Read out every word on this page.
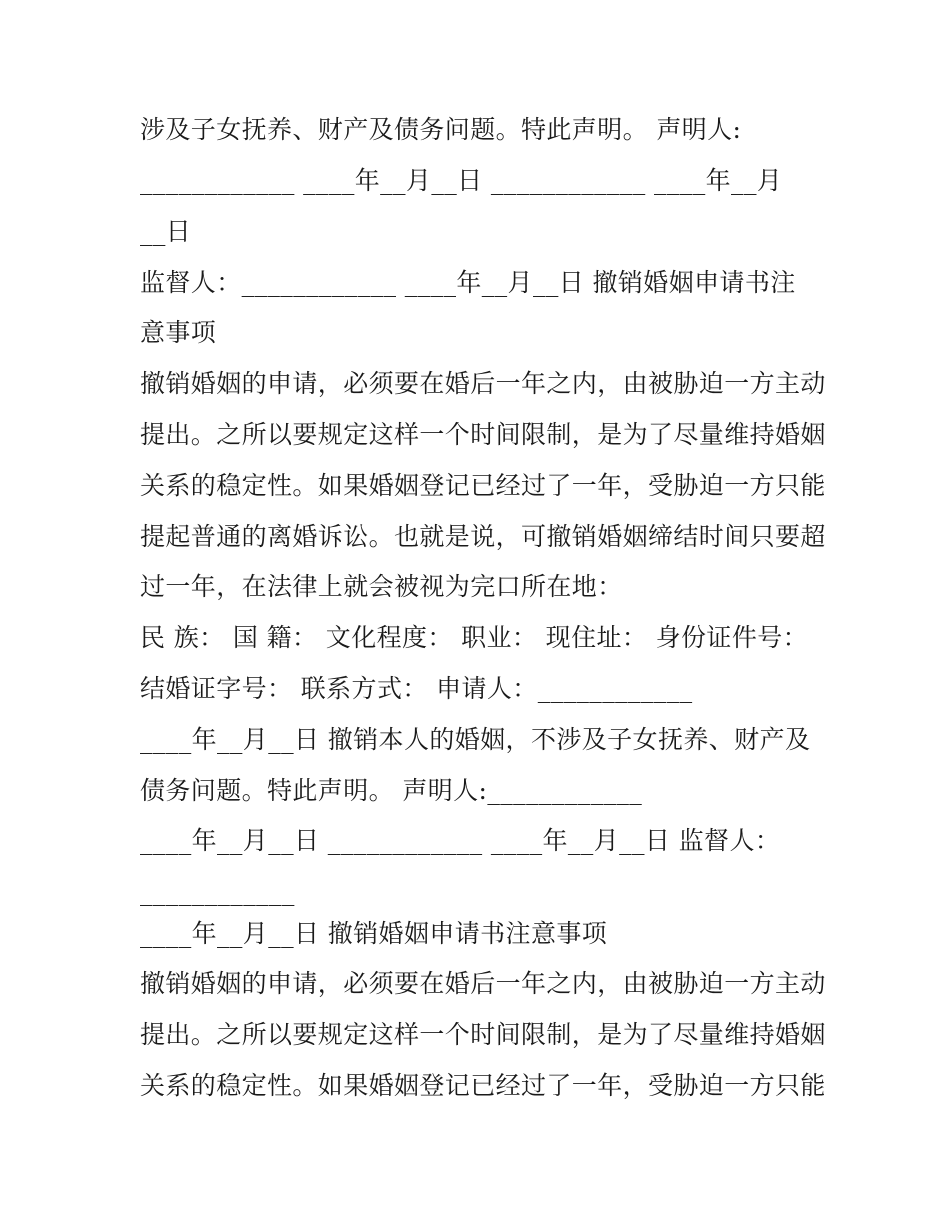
涉及子女抚养、财产及债务问题。特此声明。 声明人:
____________ ____年__月__日 ____________ ____年__月
__日
监督人：____________ ____年__月__日 撤销婚姻申请书注
意事项
撤销婚姻的申请，必须要在婚后一年之内，由被胁迫一方主动
提出。之所以要规定这样一个时间限制，是为了尽量维持婚姻
关系的稳定性。如果婚姻登记已经过了一年，受胁迫一方只能
提起普通的离婚诉讼。也就是说，可撤销婚姻缔结时间只要超
过一年，在法律上就会被视为完口所在地：
民 族： 国 籍： 文化程度： 职业： 现住址： 身份证件号：
结婚证字号： 联系方式： 申请人：____________
____年__月__日 撤销本人的婚姻，不涉及子女抚养、财产及
债务问题。特此声明。 声明人:____________
____年__月__日 ____________ ____年__月__日 监督人：
____________
____年__月__日 撤销婚姻申请书注意事项
撤销婚姻的申请，必须要在婚后一年之内，由被胁迫一方主动
提出。之所以要规定这样一个时间限制，是为了尽量维持婚姻
关系的稳定性。如果婚姻登记已经过了一年，受胁迫一方只能
